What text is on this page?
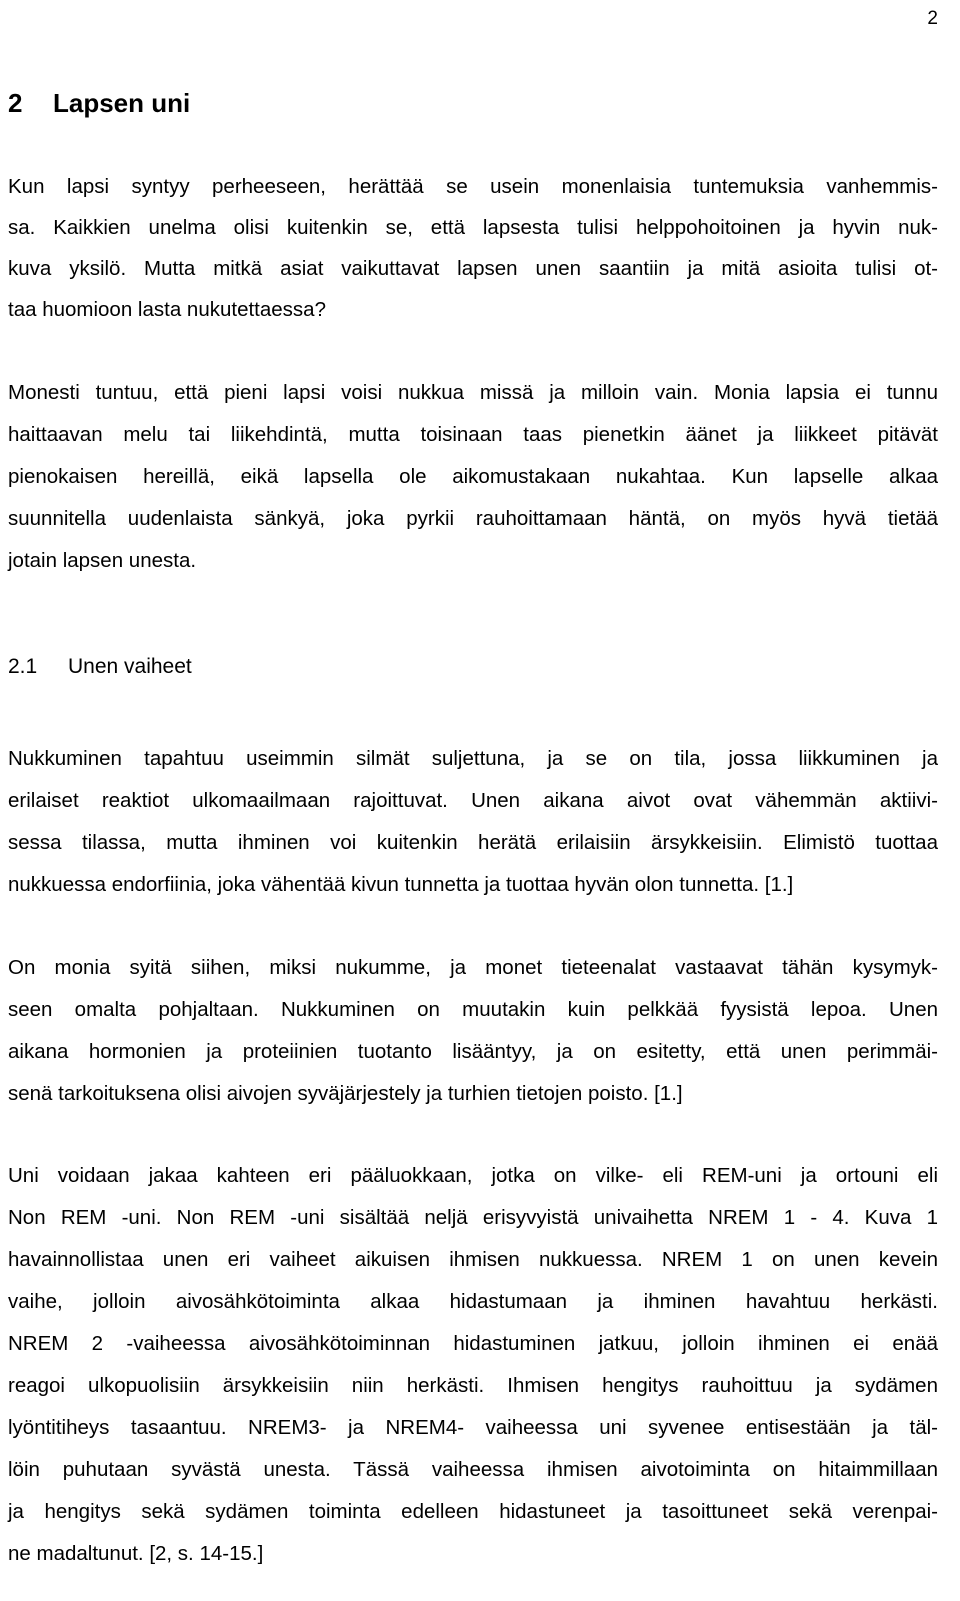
2
2 Lapsen uni
Kun lapsi syntyy perheeseen, herättää se usein monenlaisia tuntemuksia vanhemmis-
sa. Kaikkien unelma olisi kuitenkin se, että lapsesta tulisi helppohoitoinen ja hyvin nuk-
kuva yksilö. Mutta mitkä asiat vaikuttavat lapsen unen saantiin ja mitä asioita tulisi ot-
taa huomioon lasta nukutettaessa?
Monesti tuntuu, että pieni lapsi voisi nukkua missä ja milloin vain. Monia lapsia ei tunnu
haittaavan melu tai liikehdintä, mutta toisinaan taas pienetkin äänet ja liikkeet pitävät
pienokaisen hereillä, eikä lapsella ole aikomustakaan nukahtaa. Kun lapselle alkaa
suunnitella uudenlaista sänkyä, joka pyrkii rauhoittamaan häntä, on myös hyvä tietää
jotain lapsen unesta.
2.1 Unen vaiheet
Nukkuminen tapahtuu useimmin silmät suljettuna, ja se on tila, jossa liikkuminen ja
erilaiset reaktiot ulkomaailmaan rajoittuvat. Unen aikana aivot ovat vähemmän aktiivi-
sessa tilassa, mutta ihminen voi kuitenkin herätä erilaisiin ärsykkeisiin. Elimistö tuottaa
nukkuessa endorfiinia, joka vähentää kivun tunnetta ja tuottaa hyvän olon tunnetta. [1.]
On monia syitä siihen, miksi nukumme, ja monet tieteenalat vastaavat tähän kysymyk-
seen omalta pohjaltaan. Nukkuminen on muutakin kuin pelkkää fyysistä lepoa. Unen
aikana hormonien ja proteiinien tuotanto lisääntyy, ja on esitetty, että unen perimmäi-
senä tarkoituksena olisi aivojen syväjärjestely ja turhien tietojen poisto. [1.]
Uni voidaan jakaa kahteen eri pääluokkaan, jotka on vilke- eli REM-uni ja ortouni eli
Non REM -uni. Non REM -uni sisältää neljä erisyvyistä univaihetta NREM 1 - 4. Kuva 1
havainnollistaa unen eri vaiheet aikuisen ihmisen nukkuessa. NREM 1 on unen kevein
vaihe, jolloin aivosähkötoiminta alkaa hidastumaan ja ihminen havahtuu herkästi.
NREM 2 -vaiheessa aivosähkötoiminnan hidastuminen jatkuu, jolloin ihminen ei enää
reagoi ulkopuolisiin ärsykkeisiin niin herkästi. Ihmisen hengitys rauhoittuu ja sydämen
lyöntitiheys tasaantuu. NREM3- ja NREM4- vaiheessa uni syvenee entisestään ja täl-
löin puhutaan syvästä unesta. Tässä vaiheessa ihmisen aivotoiminta on hitaimmillaan
ja hengitys sekä sydämen toiminta edelleen hidastuneet ja tasoittuneet sekä verenpai-
ne madaltunut. [2, s. 14-15.]
